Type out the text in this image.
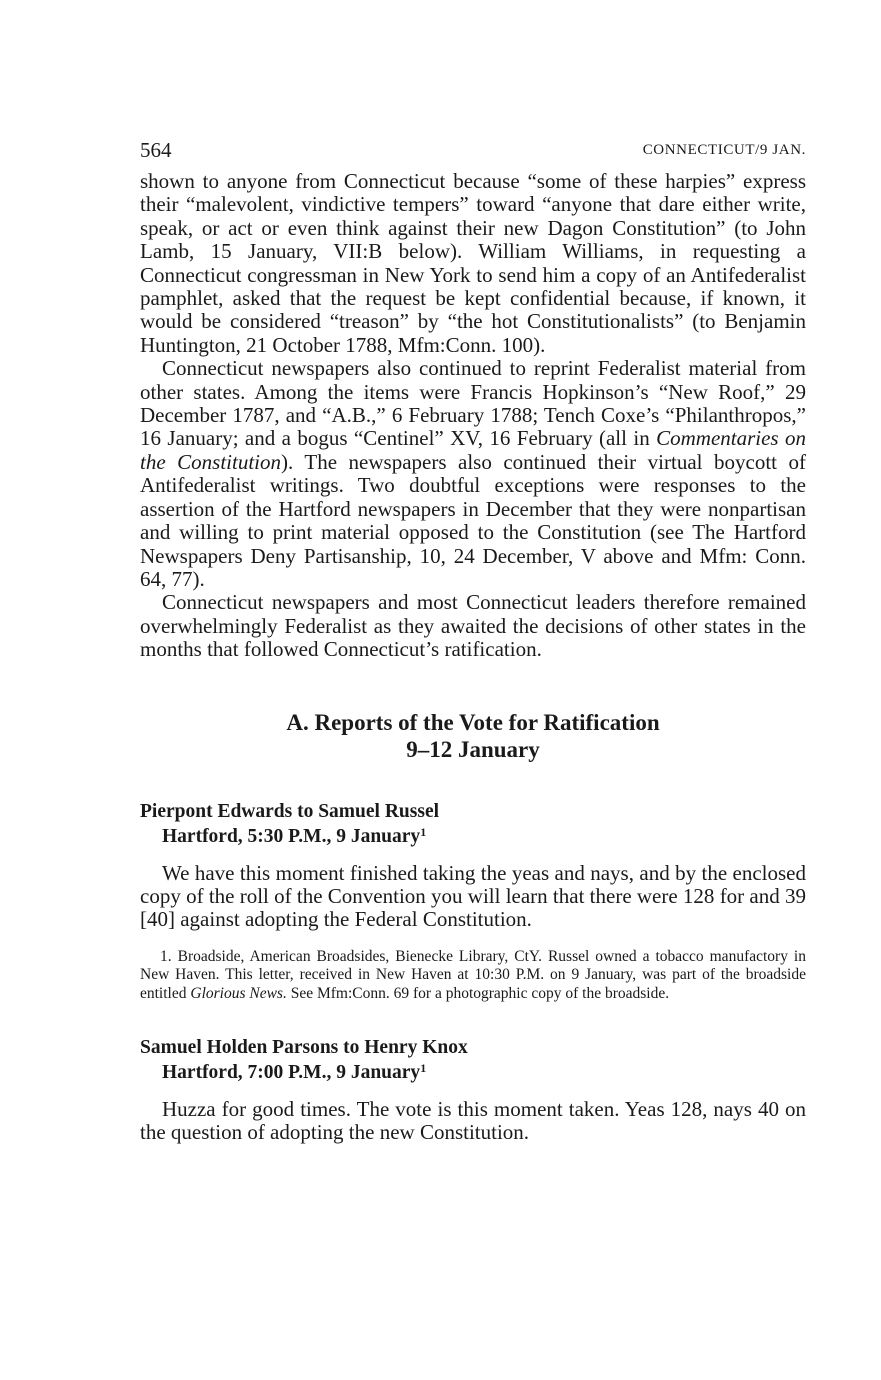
564	CONNECTICUT/9 JAN.

shown to anyone from Connecticut because “some of these harpies” express their “malevolent, vindictive tempers” toward “anyone that dare either write, speak, or act or even think against their new Dagon Constitution” (to John Lamb, 15 January, VII:B below). William Williams, in requesting a Connecticut congressman in New York to send him a copy of an Antifederalist pamphlet, asked that the request be kept confidential because, if known, it would be considered “treason” by “the hot Constitutionalists” (to Benjamin Huntington, 21 October 1788, Mfm:Conn. 100).

Connecticut newspapers also continued to reprint Federalist material from other states. Among the items were Francis Hopkinson’s “New Roof,” 29 December 1787, and “A.B.,” 6 February 1788; Tench Coxe’s “Philanthropos,” 16 January; and a bogus “Centinel” XV, 16 February (all in Commentaries on the Constitution). The newspapers also continued their virtual boycott of Antifederalist writings. Two doubtful exceptions were responses to the assertion of the Hartford newspapers in December that they were nonpartisan and willing to print material opposed to the Constitution (see The Hartford Newspapers Deny Partisanship, 10, 24 December, V above and Mfm: Conn. 64, 77).

Connecticut newspapers and most Connecticut leaders therefore remained overwhelmingly Federalist as they awaited the decisions of other states in the months that followed Connecticut’s ratification.

A. Reports of the Vote for Ratification
9–12 January
Pierpont Edwards to Samuel Russel
Hartford, 5:30 P.M., 9 January$^1$

We have this moment finished taking the yeas and nays, and by the enclosed copy of the roll of the Convention you will learn that there were 128 for and 39 [40] against adopting the Federal Constitution.

1. Broadside, American Broadsides, Bienecke Library, CtY. Russel owned a tobacco manufactory in New Haven. This letter, received in New Haven at 10:30 P.M. on 9 January, was part of the broadside entitled Glorious News. See Mfm:Conn. 69 for a photographic copy of the broadside.

Samuel Holden Parsons to Henry Knox
Hartford, 7:00 P.M., 9 January$^1$

Huzza for good times. The vote is this moment taken. Yeas 128, nays 40 on the question of adopting the new Constitution.
